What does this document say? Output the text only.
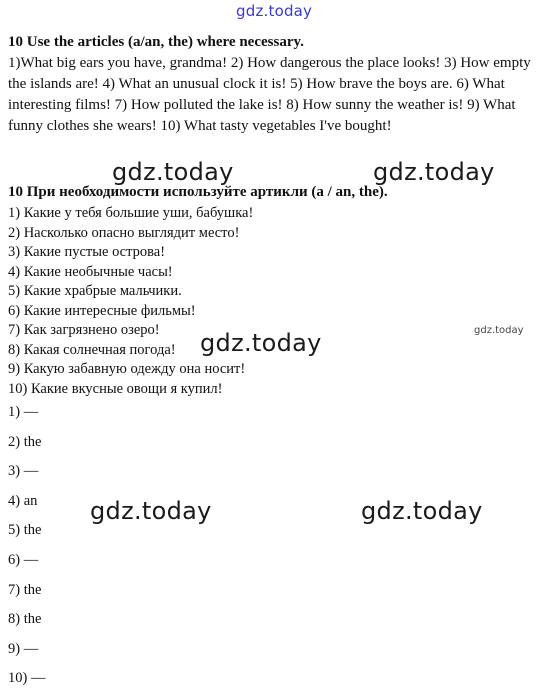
gdz.today
gdz.today	gdz.today
gdz.today
gdz.today
gdz.today	gdz.today
10 Use the articles (a/an, the) where necessary.
1)What big ears you have, grandma! 2) How dangerous the place looks! 3) How empty the islands are! 4) What an unusual clock it is! 5) How brave the boys are. 6) What interesting films! 7) How polluted the lake is! 8) How sunny the weather is! 9) What funny clothes she wears! 10) What tasty vegetables I've bought!
10 При необходимости используйте артикли (a / an, the).
1) Какие у тебя большие уши, бабушка!
2) Насколько опасно выглядит место!
3) Какие пустые острова!
4) Какие необычные часы!
5) Какие храбрые мальчики.
6) Какие интересные фильмы!
7) Как загрязнено озеро!
8) Какая солнечная погода!
9) Какую забавную одежду она носит!
10) Какие вкусные овощи я купил!
1) —
2) the
3) —
4) an
5) the
6) —
7) the
8) the
9) —
10) —
